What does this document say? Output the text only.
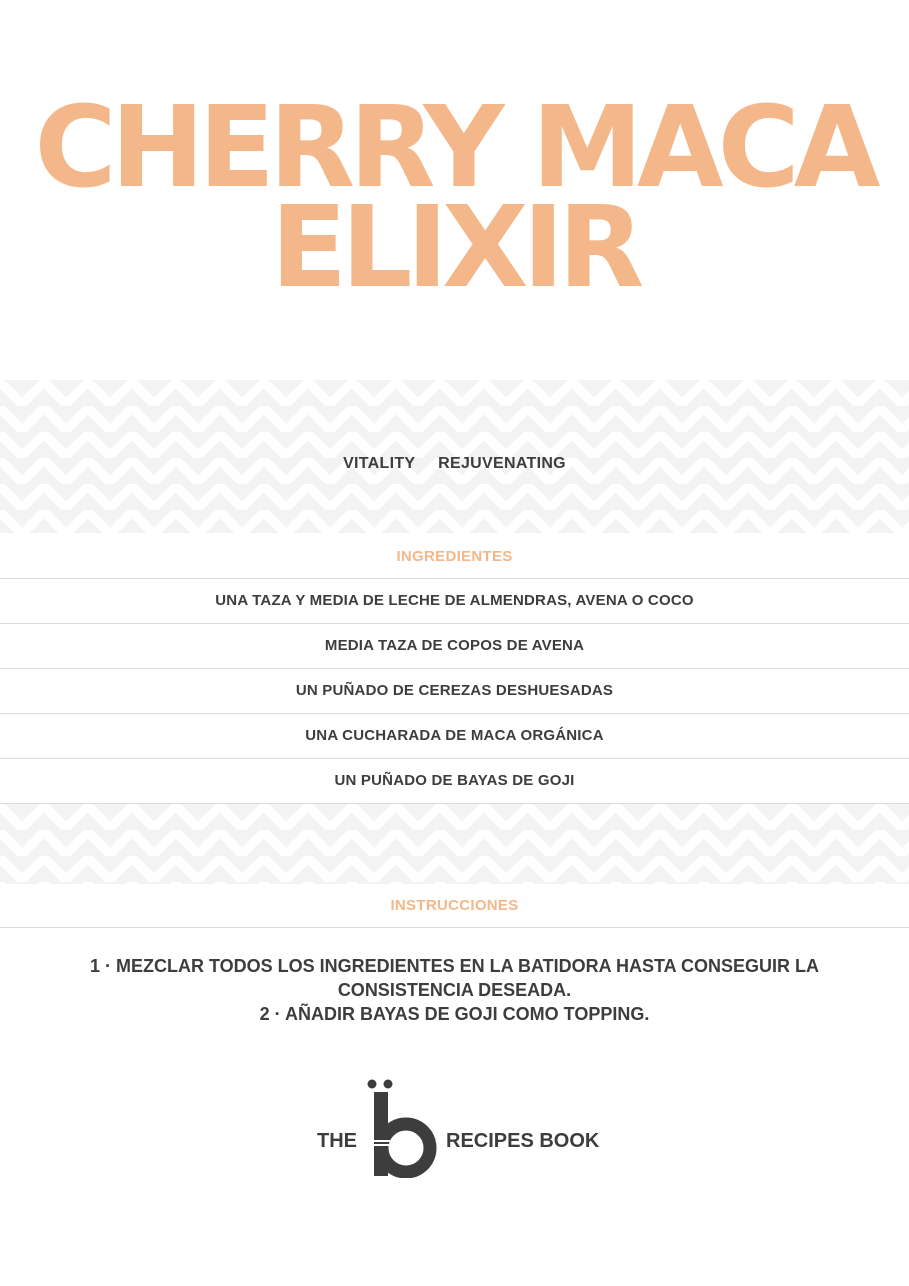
CHERRY MACA
ELIXIR
VITALITY REJUVENATING
INGREDIENTES
UNA TAZA Y MEDIA DE LECHE DE ALMENDRAS, AVENA O COCO
MEDIA TAZA DE COPOS DE AVENA
UN PUÑADO DE CEREZAS DESHUESADAS
UNA CUCHARADA DE MACA ORGÁNICA
UN PUÑADO DE BAYAS DE GOJI
INSTRUCCIONES
1 · MEZCLAR TODOS LOS INGREDIENTES EN LA BATIDORA HASTA CONSEGUIR LA CONSISTENCIA DESEADA.
2 · AÑADIR BAYAS DE GOJI COMO TOPPING.
THE	RECIPES BOOK
